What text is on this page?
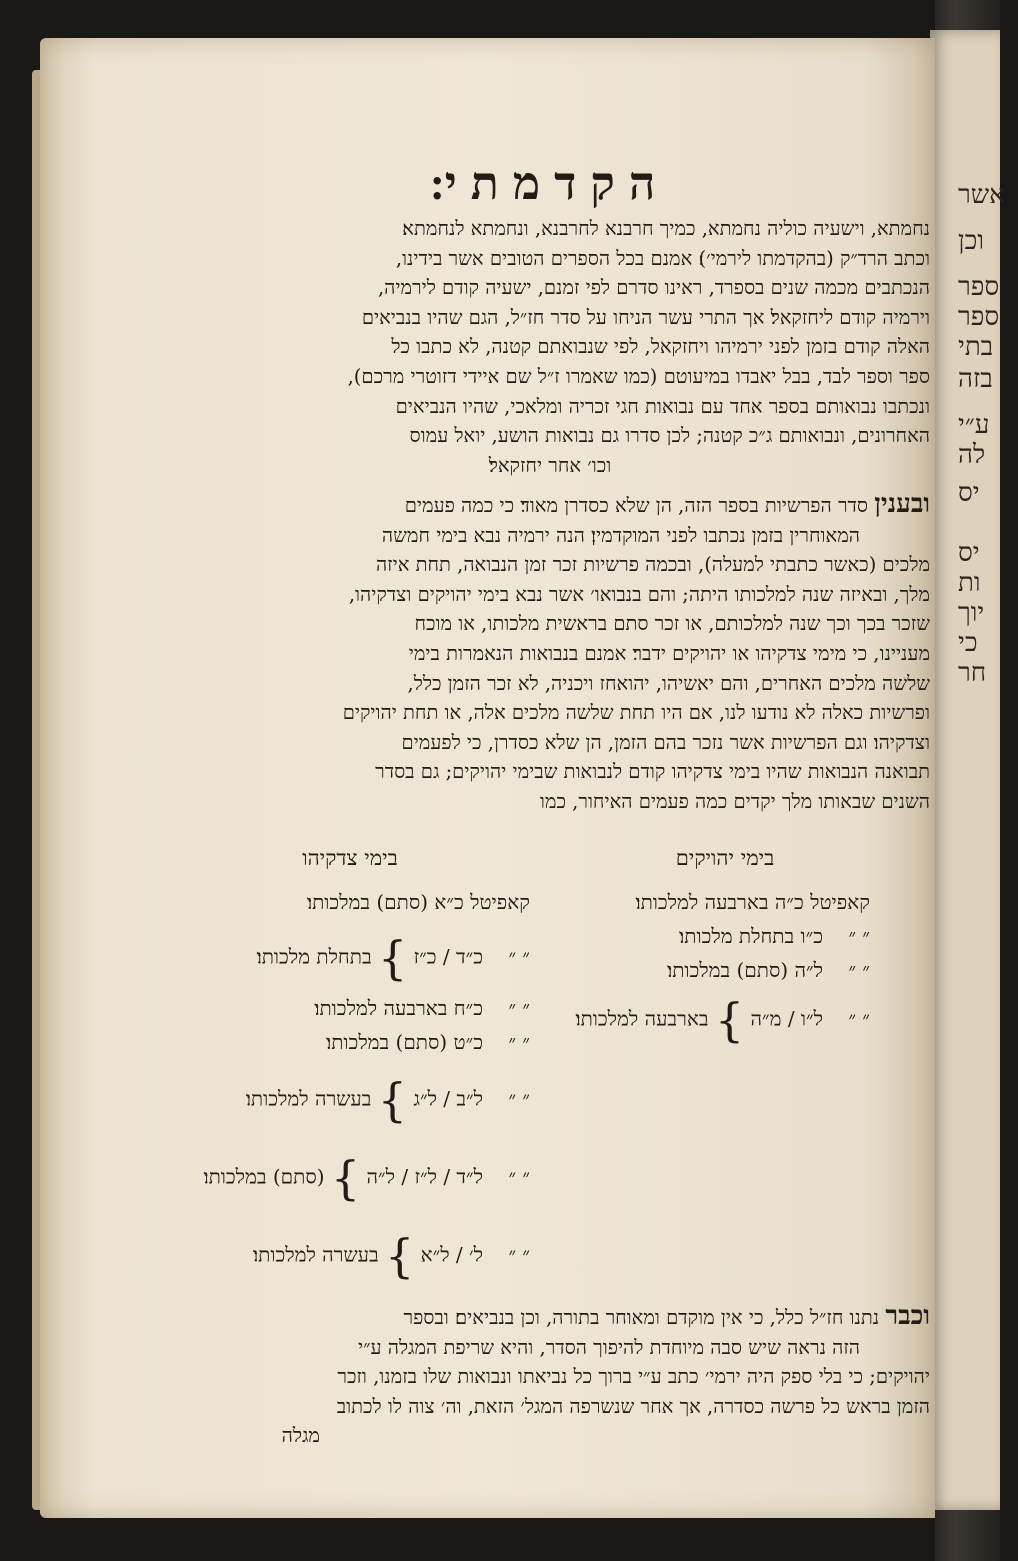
אשר
וכן
ספר
ספר
בתי
בזה
ע״י
לה
יס
יס
ות
יוך
כי
חר
הקדמתי׃
נחמתא, וישעיה כוליה נחמתא, כמיך חרבנא לחרבנא, ונחמתא לנחמתא׃
וכתב הרד״ק (בהקדמתו לירמי׳)׃ אמנם בכל הספרים הטובים אשר בידינו,
הנכתבים מכמה שנים בספרד, ראינו סדרם לפי זמנם, ישעיה קודם לירמיה,
וירמיה קודם ליחזקאל׃ אך התרי עשר הניחו על סדר חז״ל, הגם שהיו בנביאים
האלה קודם בזמן לפני ירמיהו ויחזקאל, לפי שנבואתם קטנה, לא כתבו כל
ספר וספר לבד, בבל יאבדו במיעוטם (כמו שאמרו ז״ל שם איידי דזוטרי מרכם),
ונכתבו נבואותם בספר אחד עם נבואות חגי זכריה ומלאכי, שהיו הנביאים
האחרונים, ונבואותם ג״כ קטנה; לכן סדרו גם נבואות הושע, יואל עמוס
וכו׳ אחר יחזקאל׃
ובענין סדר הפרשיות בספר הזה, הן שלא כסדרן מאוד׃ כי כמה פעמים
המאוחרין בזמן נכתבו לפני המוקדמין׃ הנה ירמיה נבא בימי חמשה
מלכים (כאשר כתבתי למעלה), ובכמה פרשיות זכר זמן הנבואה, תחת איזה
מלך, ובאיזה שנה למלכותו היתה; והם בנבואו׳ אשר נבא בימי יהויקים וצדקיהו,
שזכר בכך וכך שנה למלכותם, או זכר סתם בראשית מלכותו, או מוכח
מעניינו, כי מימי צדקיהו או יהויקים ידבר׃ אמנם בנבואות הנאמרות בימי
שלשה מלכים האחרים, והם יאשיהו, יהואחז ויכניה, לא זכר הזמן כלל,
ופרשיות כאלה לא נודעו לנו, אם היו תחת שלשה מלכים אלה, או תחת יהויקים
וצדקיהו׃ וגם הפרשיות אשר נזכר בהם הזמן, הן שלא כסדרן, כי לפעמים
תבואנה הנבואות שהיו בימי צדקיהו קודם לנבואות שבימי יהויקים; גם בסדר
השנים שבאותו מלך יקדים כמה פעמים האיחור, כמו
בימי יהויקים
קאפיטל כ״ה בארבעה למלכותו׃
״ ״    כ״ו בתחלת מלכותו׃
״ ״    ל״ה (סתם) במלכותו׃
״ ״    ל״ו ‏/ מ״ה } בארבעה למלכותו׃
בימי צדקיהו
קאפיטל כ״א (סתם) במלכותו׃
״ ״    כ״ד ‏/ כ״ז } בתחלת מלכותו׃
״ ״    כ״ח בארבעה למלכותו׃
״ ״    כ״ט (סתם) במלכותו׃
״ ״    ל״ב ‏/ ל״ג } בעשרה למלכותו׃
״ ״    ל״ד ‏/ ל״ז ‏/ ל״ה } (סתם) במלכותו׃
״ ״    ל׳ ‏/ ל״א } בעשרה למלכותו׃
וכבר נתנו חז״ל כלל, כי אין מוקדם ומאוחר בתורה, וכן בנביאים׃ ובספר
הזה נראה שיש סבה מיוחדת להיפוך הסדר, והיא שריפת המגלה ע״י
יהויקים; כי בלי ספק היה ירמי׳ כתב ע״י ברוך כל נביאתו ונבואות שלו בזמנו, וזכר
הזמן בראש כל פרשה כסדרה, אך אחר שנשרפה המגל׳ הזאת, וה׳ צוה לו לכתוב
מגלה
